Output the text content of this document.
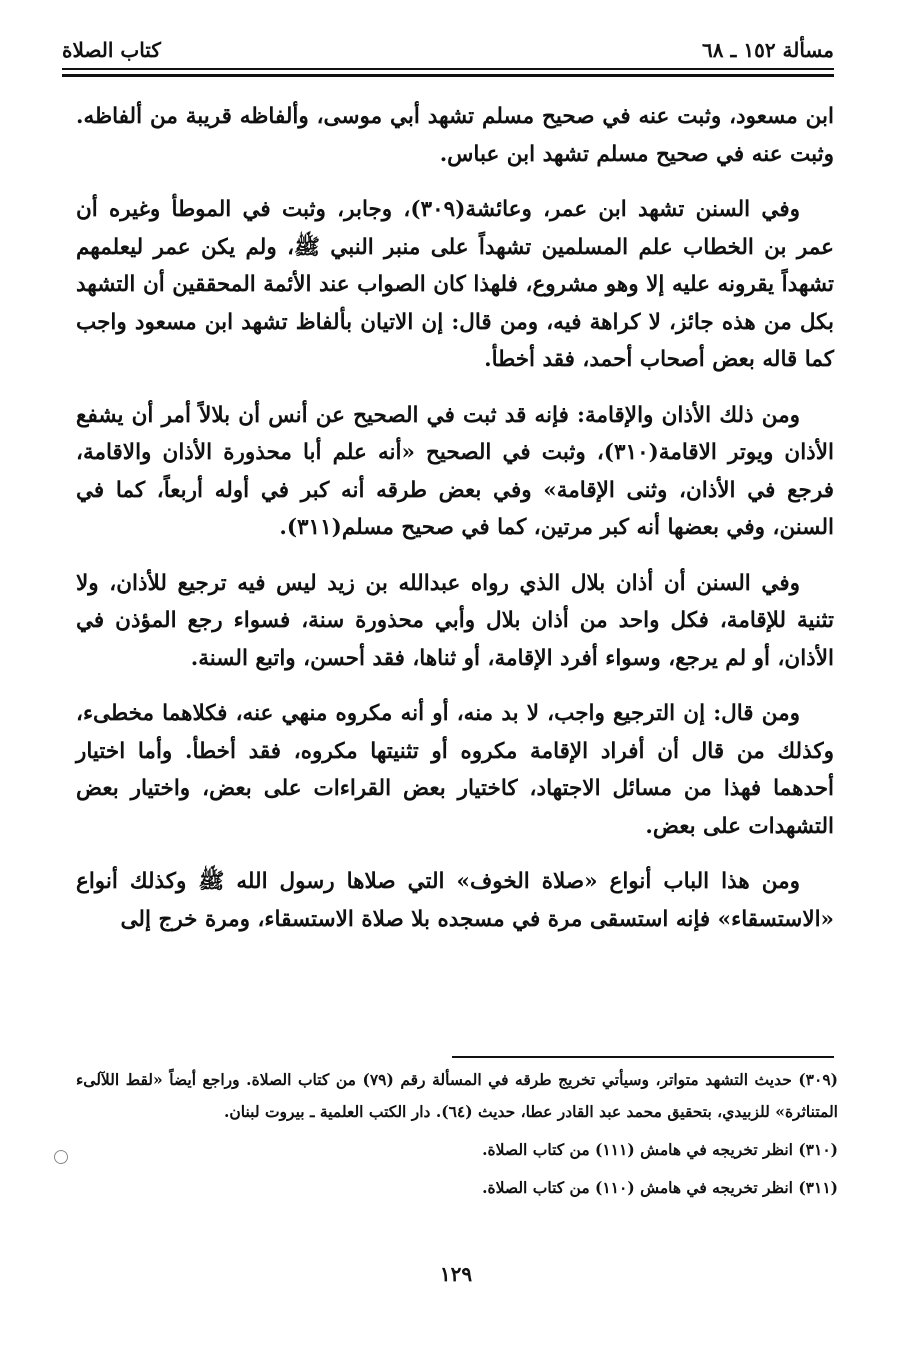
مسألة ١٥٢ ـ ٦٨
كتاب الصلاة

ابن مسعود، وثبت عنه في صحيح مسلم تشهد أبي موسى، وألفاظه قريبة من ألفاظه. وثبت عنه في صحيح مسلم تشهد ابن عباس.

وفي السنن تشهد ابن عمر، وعائشة(٣٠٩)، وجابر، وثبت في الموطأ وغيره أن عمر بن الخطاب علم المسلمين تشهداً على منبر النبي ﷺ، ولم يكن عمر ليعلمهم تشهداً يقرونه عليه إلا وهو مشروع، فلهذا كان الصواب عند الأئمة المحققين أن التشهد بكل من هذه جائز، لا كراهة فيه، ومن قال: إن الاتيان بألفاظ تشهد ابن مسعود واجب كما قاله بعض أصحاب أحمد، فقد أخطأ.

ومن ذلك الأذان والإقامة: فإنه قد ثبت في الصحيح عن أنس أن بلالاً أمر أن يشفع الأذان ويوتر الاقامة(٣١٠)، وثبت في الصحيح «أنه علم أبا محذورة الأذان والاقامة، فرجع في الأذان، وثنى الإقامة» وفي بعض طرقه أنه كبر في أوله أربعاً، كما في السنن، وفي بعضها أنه كبر مرتين، كما في صحيح مسلم(٣١١).

وفي السنن أن أذان بلال الذي رواه عبدالله بن زيد ليس فيه ترجيع للأذان، ولا تثنية للإقامة، فكل واحد من أذان بلال وأبي محذورة سنة، فسواء رجع المؤذن في الأذان، أو لم يرجع، وسواء أفرد الإقامة، أو ثناها، فقد أحسن، واتبع السنة.

ومن قال: إن الترجيع واجب، لا بد منه، أو أنه مكروه منهي عنه، فكلاهما مخطىء، وكذلك من قال أن أفراد الإقامة مكروه أو تثنيتها مكروه، فقد أخطأ. وأما اختيار أحدهما فهذا من مسائل الاجتهاد، كاختيار بعض القراءات على بعض، واختيار بعض التشهدات على بعض.

ومن هذا الباب أنواع «صلاة الخوف» التي صلاها رسول الله ﷺ وكذلك أنواع «الاستسقاء» فإنه استسقى مرة في مسجده بلا صلاة الاستسقاء، ومرة خرج إلى

(٣٠٩) حديث التشهد متواتر، وسيأتي تخريج طرقه في المسألة رقم (٧٩) من كتاب الصلاة. وراجع أيضاً «لقط اللآلىء المتناثرة» للزبيدي، بتحقيق محمد عبد القادر عطا، حديث (٦٤). دار الكتب العلمية ـ بيروت لبنان.

(٣١٠) انظر تخريجه في هامش (١١١) من كتاب الصلاة.

(٣١١) انظر تخريجه في هامش (١١٠) من كتاب الصلاة.

١٢٩
